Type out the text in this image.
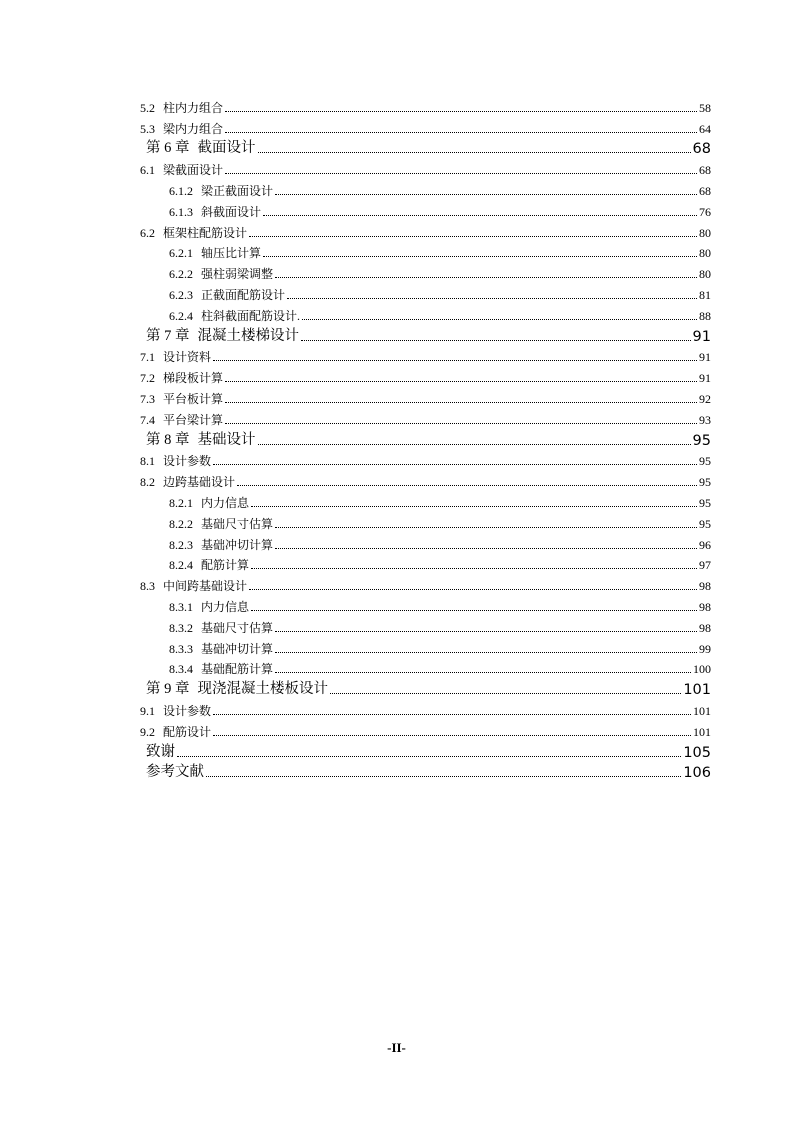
5.2 柱内力组合	58
5.3 梁内力组合	64
第 6 章 截面设计	68
6.1 梁截面设计	68
6.1.2 梁正截面设计	68
6.1.3 斜截面设计	76
6.2 框架柱配筋设计	80
6.2.1 轴压比计算	80
6.2.2 强柱弱梁调整	80
6.2.3 正截面配筋设计	81
6.2.4 柱斜截面配筋设计.	88
第 7 章 混凝土楼梯设计	91
7.1 设计资料	91
7.2 梯段板计算	91
7.3 平台板计算	92
7.4 平台梁计算	93
第 8 章 基础设计	95
8.1 设计参数	95
8.2 边跨基础设计	95
8.2.1 内力信息	95
8.2.2 基础尺寸估算	95
8.2.3 基础冲切计算	96
8.2.4 配筋计算	97
8.3 中间跨基础设计	98
8.3.1 内力信息	98
8.3.2 基础尺寸估算	98
8.3.3 基础冲切计算	99
8.3.4 基础配筋计算	100
第 9 章 现浇混凝土楼板设计	101
9.1 设计参数	101
9.2 配筋设计	101
致谢	105
参考文献	106
-II-
